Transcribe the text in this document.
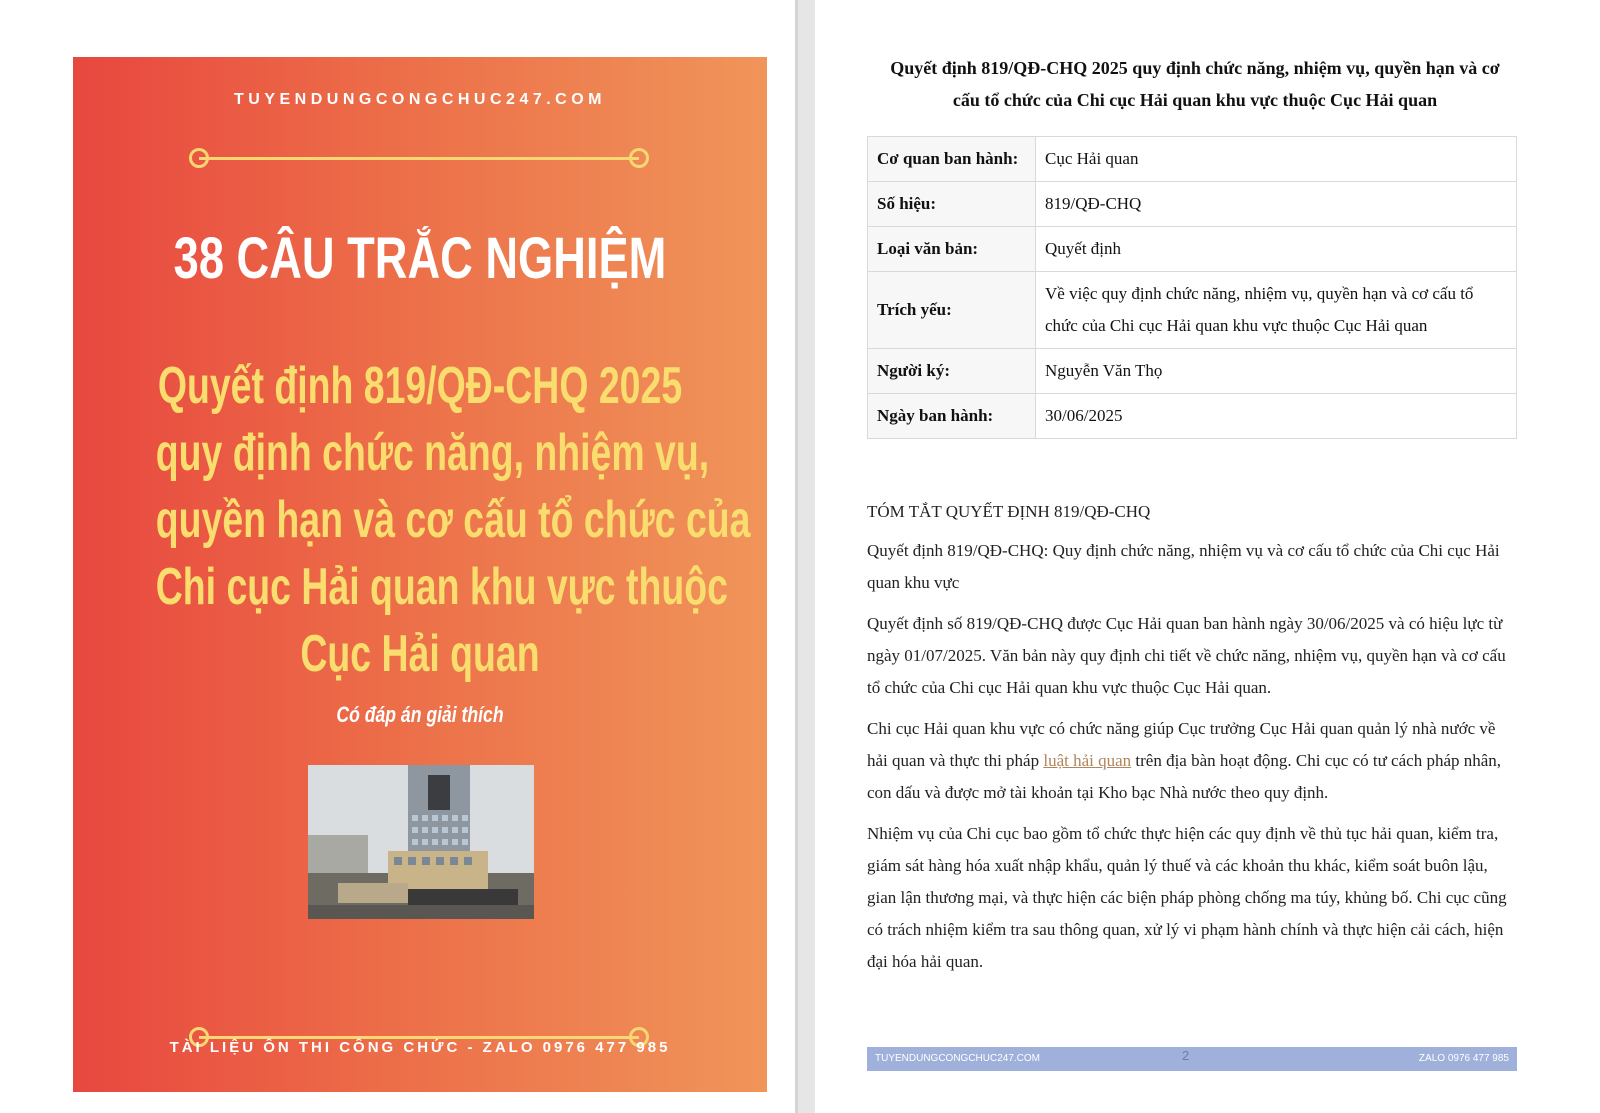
TUYENDUNGCONGCHUC247.COM
38 CÂU TRẮC NGHIỆM
Quyết định 819/QĐ-CHQ 2025
quy định chức năng, nhiệm vụ,
quyền hạn và cơ cấu tổ chức của
Chi cục Hải quan khu vực thuộc
Cục Hải quan
Có đáp án giải thích
TÀI LIỆU ÔN THI CÔNG CHỨC - ZALO 0976 477 985
Quyết định 819/QĐ-CHQ 2025 quy định chức năng, nhiệm vụ, quyền hạn và cơ cấu tổ chức của Chi cục Hải quan khu vực thuộc Cục Hải quan
Cơ quan ban hành:	Cục Hải quan
Số hiệu:	819/QĐ-CHQ
Loại văn bản:	Quyết định
Trích yếu:	Về việc quy định chức năng, nhiệm vụ, quyền hạn và cơ cấu tổ chức của Chi cục Hải quan khu vực thuộc Cục Hải quan
Người ký:	Nguyễn Văn Thọ
Ngày ban hành:	30/06/2025

TÓM TẮT QUYẾT ĐỊNH 819/QĐ-CHQ

Quyết định 819/QĐ-CHQ: Quy định chức năng, nhiệm vụ và cơ cấu tổ chức của Chi cục Hải quan khu vực

Quyết định số 819/QĐ-CHQ được Cục Hải quan ban hành ngày 30/06/2025 và có hiệu lực từ ngày 01/07/2025. Văn bản này quy định chi tiết về chức năng, nhiệm vụ, quyền hạn và cơ cấu tổ chức của Chi cục Hải quan khu vực thuộc Cục Hải quan.

Chi cục Hải quan khu vực có chức năng giúp Cục trưởng Cục Hải quan quản lý nhà nước về hải quan và thực thi pháp luật hải quan trên địa bàn hoạt động. Chi cục có tư cách pháp nhân, con dấu và được mở tài khoản tại Kho bạc Nhà nước theo quy định.

Nhiệm vụ của Chi cục bao gồm tổ chức thực hiện các quy định về thủ tục hải quan, kiểm tra, giám sát hàng hóa xuất nhập khẩu, quản lý thuế và các khoản thu khác, kiểm soát buôn lậu, gian lận thương mại, và thực hiện các biện pháp phòng chống ma túy, khủng bố. Chi cục cũng có trách nhiệm kiểm tra sau thông quan, xử lý vi phạm hành chính và thực hiện cải cách, hiện đại hóa hải quan.

TUYENDUNGCONGCHUC247.COM	2	ZALO 0976 477 985
